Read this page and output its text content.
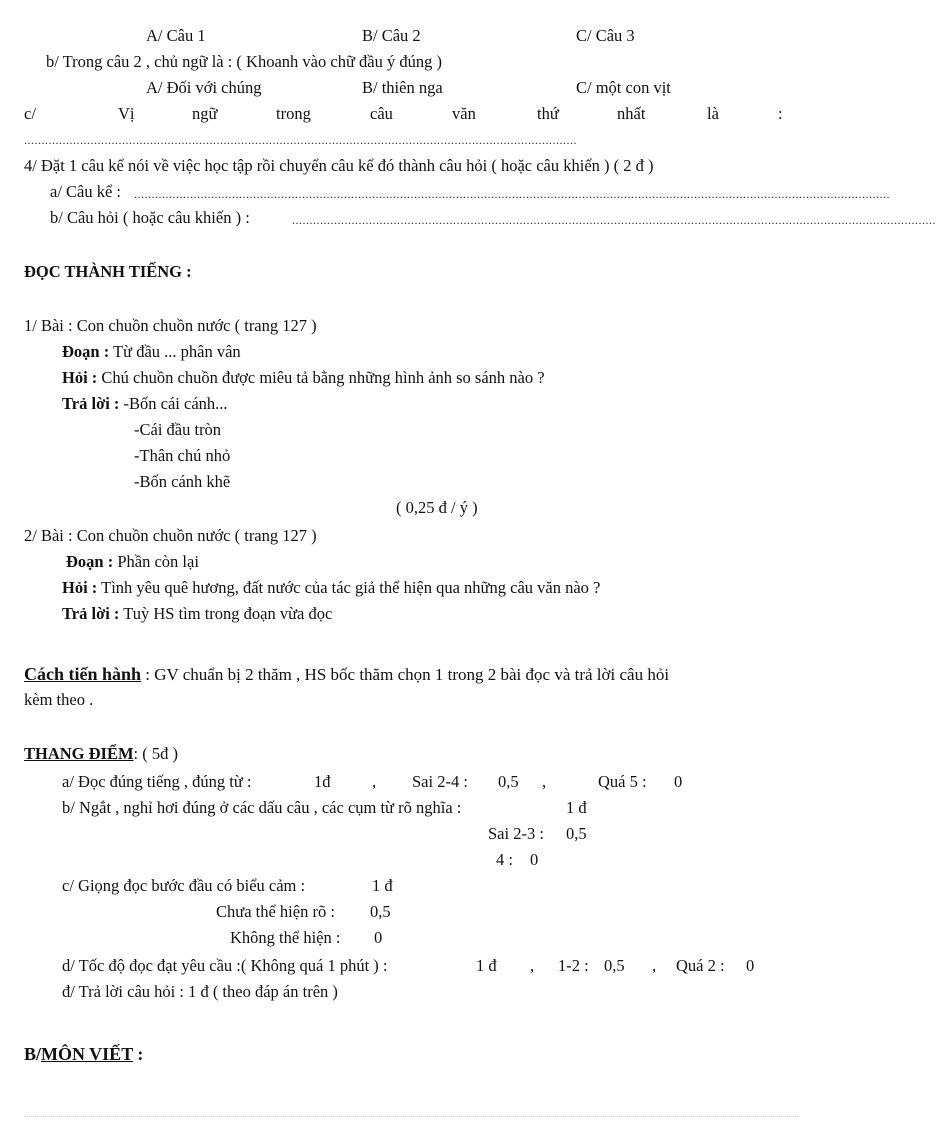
A/ Câu 1	B/ Câu 2	C/ Câu 3
b/ Trong câu 2 , chủ ngữ là : ( Khoanh vào chữ đầu ý đúng )
A/ Đối với chúng	B/ thiên nga	C/ một con vịt
c/	Vị	ngữ	trong	câu	văn	thứ	nhất	là	:
..............................................................................................................................................................
4/ Đặt 1 câu kể nói về việc học tập rồi chuyển câu kể đó thành câu hỏi ( hoặc câu khiến ) ( 2 đ )
a/ Câu kể : ........................................................................................................................................................................................................................
b/ Câu hỏi ( hoặc câu khiến ) :	........................................................................................................................................................................................
ĐỌC THÀNH TIẾNG :
1/ Bài : Con chuồn chuồn nước ( trang 127 )
Đoạn : Từ đầu ... phân vân
Hỏi : Chú chuồn chuồn được miêu tả bằng những hình ảnh so sánh nào ?
Trả lời : -Bốn cái cánh...
-Cái đầu tròn
-Thân chú nhỏ
-Bốn cánh khẽ
( 0,25 đ / ý )
2/ Bài : Con chuồn chuồn nước ( trang 127 )
Đoạn : Phần còn lại
Hỏi : Tình yêu quê hương, đất nước của tác giả thể hiện qua những câu văn nào ?
Trả lời : Tuỳ HS tìm trong đoạn vừa đọc
Cách tiến hành : GV chuẩn bị 2 thăm , HS bốc thăm chọn 1 trong 2 bài đọc và trả lời câu hỏi
kèm theo .
THANG ĐIỂM: ( 5đ )
a/ Đọc đúng tiếng , đúng từ :	1đ	, Sai 2-4 : 0,5 ,	Quá 5 : 0
b/ Ngắt , nghỉ hơi đúng ở các dấu câu , các cụm từ rõ nghĩa :	1 đ
Sai 2-3 : 0,5
4 : 0
c/ Giọng đọc bước đầu có biểu cảm :	1 đ
Chưa thể hiện rõ : 0,5
Không thể hiện : 0
d/ Tốc độ đọc đạt yêu cầu :( Không quá 1 phút ) :	1 đ , 1-2 : 0,5 , Quá 2 : 0
đ/ Trả lời câu hỏi : 1 đ ( theo đáp án trên )
B/MÔN VIẾT :
